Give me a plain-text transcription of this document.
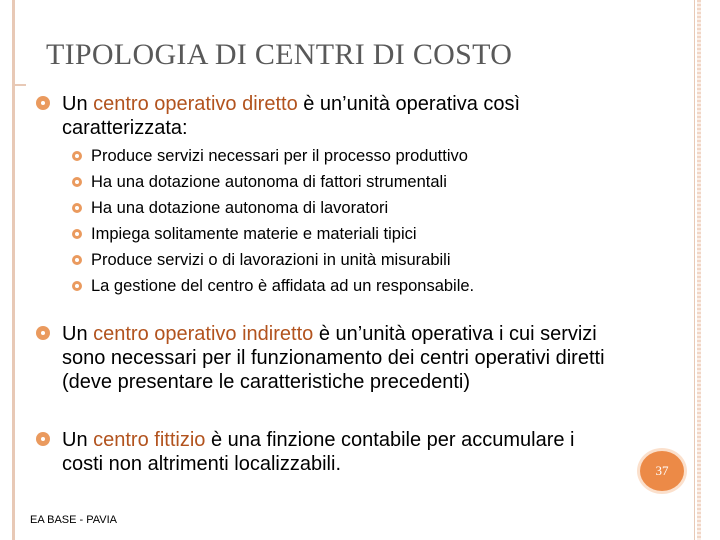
TIPOLOGIA DI CENTRI DI COSTO
Un centro operativo diretto è un’unità operativa così
caratterizzata:
Produce servizi necessari per il processo produttivo
Ha una dotazione autonoma di fattori strumentali
Ha una dotazione autonoma di lavoratori
Impiega solitamente materie e materiali tipici
Produce servizi o di lavorazioni in unità misurabili
La gestione del centro è affidata ad un responsabile.
Un centro operativo indiretto è un’unità operativa i cui servizi
sono necessari per il funzionamento dei centri operativi diretti
(deve presentare le caratteristiche precedenti)
Un centro fittizio è una finzione contabile per accumulare i
costi non altrimenti localizzabili.	37
EA BASE - PAVIA
